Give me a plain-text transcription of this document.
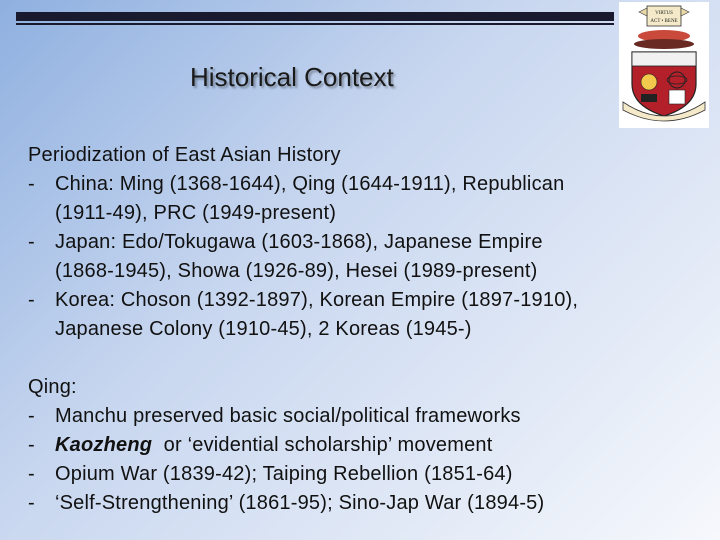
VIRTUS
ACT • BENE
Historical Context
Periodization of East Asian History
-	China: Ming (1368-1644), Qing (1644-1911), Republican
(1911-49), PRC (1949-present)
-	Japan: Edo/Tokugawa (1603-1868), Japanese Empire
(1868-1945), Showa (1926-89), Hesei (1989-present)
-	Korea: Choson (1392-1897), Korean Empire (1897-1910),
Japanese Colony (1910-45), 2 Koreas (1945-)
Qing:
-	Manchu preserved basic social/political frameworks
-	Kaozheng  or ‘evidential scholarship’ movement
-	Opium War (1839-42); Taiping Rebellion (1851-64)
-	‘Self-Strengthening’ (1861-95); Sino-Jap War (1894-5)
